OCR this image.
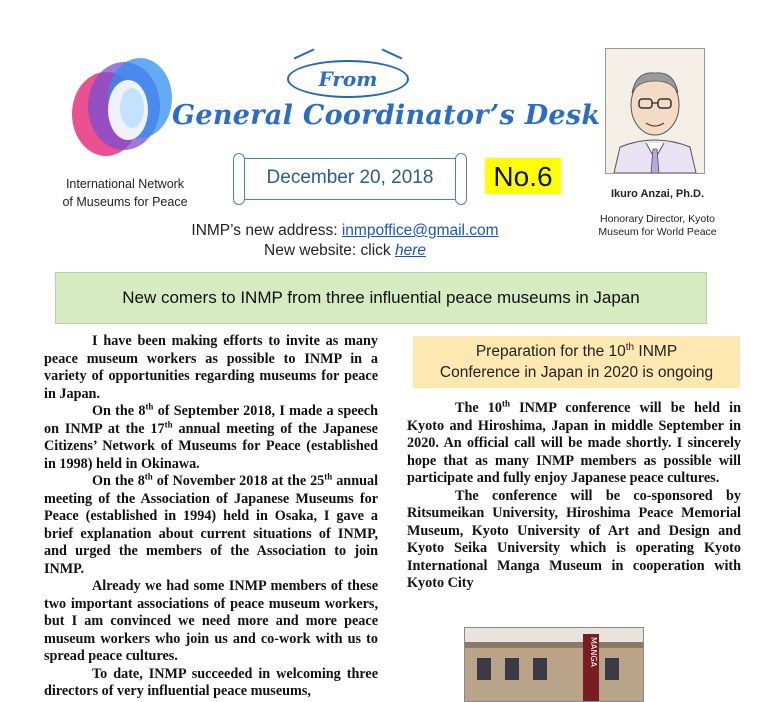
International Network
of Museums for Peace
From
General Coordinator’s Desk
December 20, 2018	No.6
Ikuro Anzai, Ph.D.
Honorary Director, Kyoto
Museum for World Peace
INMP’s new address: inmpoffice@gmail.com
New website: click here
New comers to INMP from three influential peace museums in Japan

I have been making efforts to invite as many peace museum workers as possible to INMP in a variety of opportunities regarding museums for peace in Japan.

On the 8th of September 2018, I made a speech on INMP at the 17th annual meeting of the Japanese Citizens’ Network of Museums for Peace (established in 1998) held in Okinawa.

On the 8th of November 2018 at the 25th annual meeting of the Association of Japanese Museums for Peace (established in 1994) held in Osaka, I gave a brief explanation about current situations of INMP, and urged the members of the Association to join INMP.

Already we had some INMP members of these two important associations of peace museum workers, but I am convinced we need more and more peace museum workers who join us and co-work with us to spread peace cultures.

To date, INMP succeeded in welcoming three directors of very influential peace museums,

Preparation for the 10th INMP
Conference in Japan in 2020 is ongoing

The 10th INMP conference will be held in Kyoto and Hiroshima, Japan in middle September in 2020. An official call will be made shortly. I sincerely hope that as many INMP members as possible will participate and fully enjoy Japanese peace cultures.

The conference will be co-sponsored by Ritsumeikan University, Hiroshima Peace Memorial Museum, Kyoto University of Art and Design and Kyoto Seika University which is operating Kyoto International Manga Museum in cooperation with Kyoto City

MANGA
